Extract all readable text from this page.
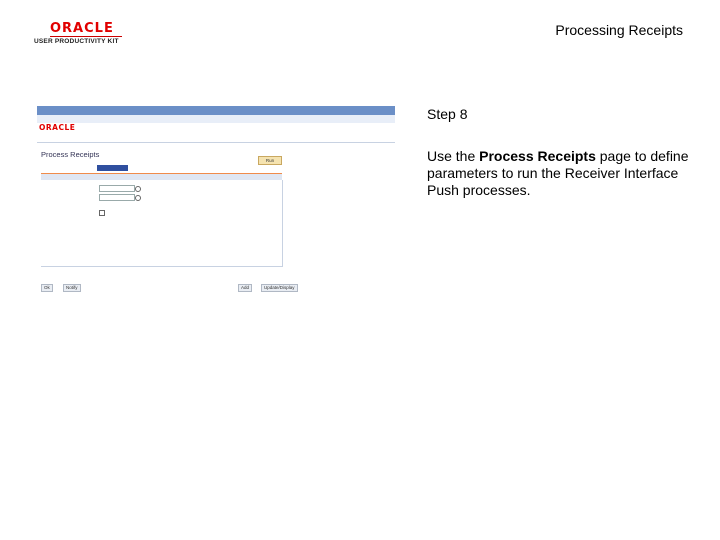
ORACLE
USER PRODUCTIVITY KIT
Processing Receipts
Step 8
Use the Process Receipts page to define parameters to run the Receiver Interface Push processes.
ORACLE
Process Receipts
Run
Ok	Notify	Add	Update/Display
